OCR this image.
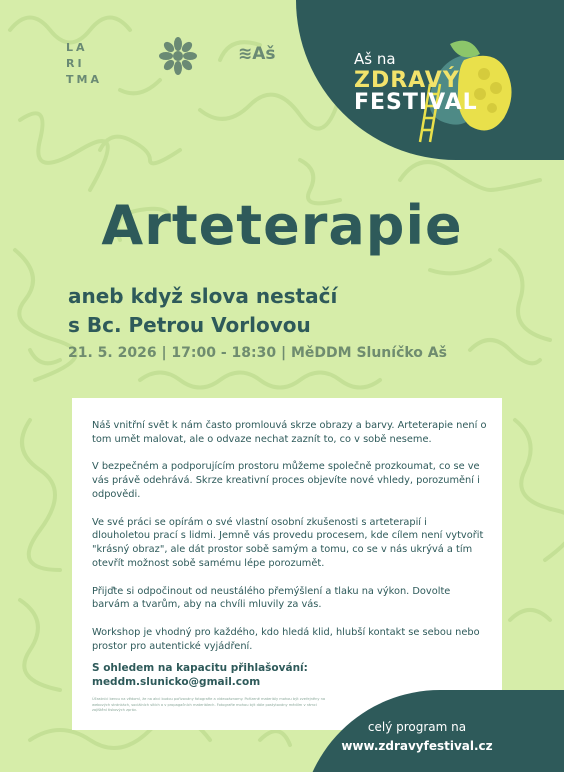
LA RI
TMA
≋Aš	Aš na
ZDRAVÝ
FESTIVAL
Arteterapie
aneb když slova nestačí
s Bc. Petrou Vorlovou
21. 5. 2026 | 17:00 - 18:30 | MěDDM Sluníčko Aš

Náš vnitřní svět k nám často promlouvá skrze obrazy a barvy. Arteterapie není o tom umět malovat, ale o odvaze nechat zaznít to, co v sobě neseme.

V bezpečném a podporujícím prostoru můžeme společně prozkoumat, co se ve vás právě odehrává. Skrze kreativní proces objevíte nové vhledy, porozumění i odpovědi.

Ve své práci se opírám o své vlastní osobní zkušenosti s arteterapií i dlouholetou prací s lidmi. Jemně vás provedu procesem, kde cílem není vytvořit "krásný obraz", ale dát prostor sobě samým a tomu, co se v nás ukrývá a tím otevřít možnost sobě samému lépe porozumět.

Přijďte si odpočinout od neustálého přemýšlení a tlaku na výkon. Dovolte barvám a tvarům, aby na chvíli mluvily za vás.

Workshop je vhodný pro každého, kdo hledá klid, hlubší kontakt se sebou nebo prostor pro autentické vyjádření.

S ohledem na kapacitu přihlašování:
meddm.slunicko@gmail.com
Účastníci berou na vědomí, že na akci budou pořizovány fotografie a videozáznamy. Pořízené materiály mohou být zveřejněny na webových stránkách, sociálních sítích a v propagačních materiálech. Fotografie mohou být dále postytovány médiím v rámci zajištění tiskových zpráv.
celý program na
www.zdravyfestival.cz
